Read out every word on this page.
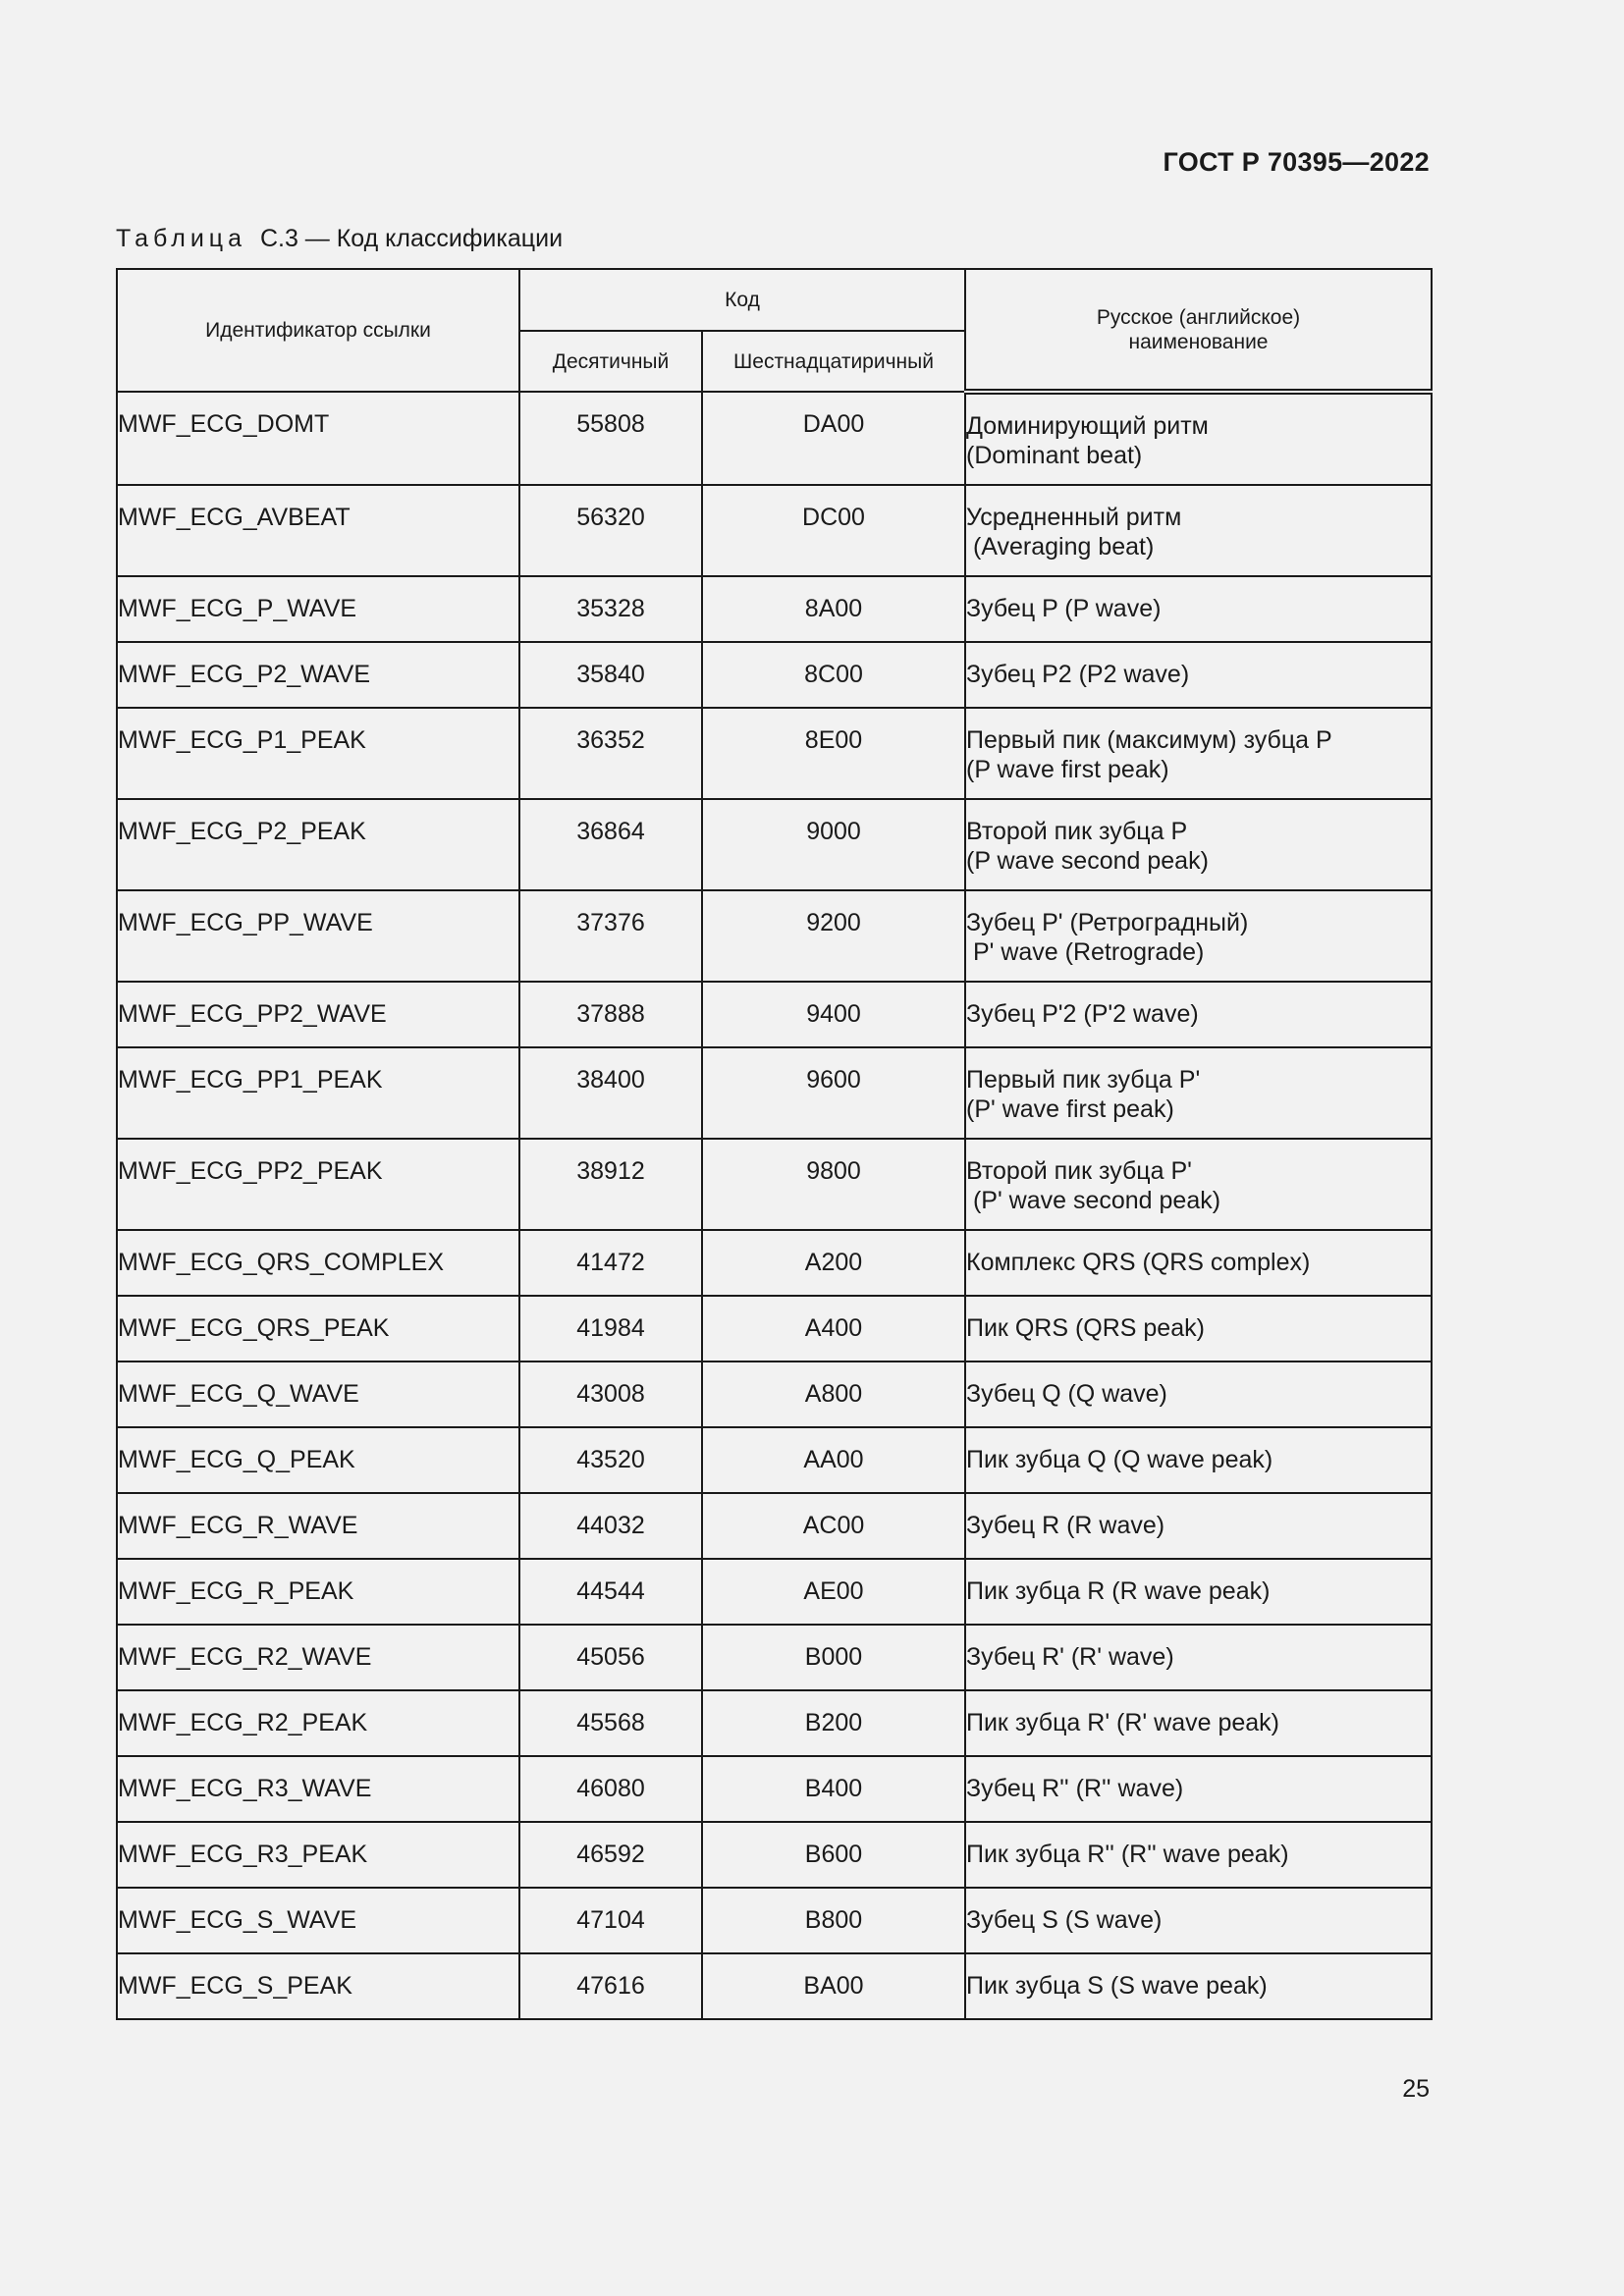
ГОСТ Р 70395—2022
Таблица С.3 — Код классификации
Идентификатор ссылки	Код		Русское (английское) наименование
	Десятичный	Шестнадцатиричный	
MWF_ECG_DOMT	55808	DA00	Доминирующий ритм
(Dominant beat)

MWF_ECG_AVBEAT	56320	DC00	Усредненный ритм
(Averaging beat)

MWF_ECG_P_WAVE	35328	8A00	Зубец P (P wave)

MWF_ECG_P2_WAVE	35840	8C00	Зубец P2 (P2 wave)

MWF_ECG_P1_PEAK	36352	8E00	Первый пик (максимум) зубца P
(P wave first peak)

MWF_ECG_P2_PEAK	36864	9000	Второй пик зубца P
(P wave second peak)

MWF_ECG_PP_WAVE	37376	9200	Зубец P' (Ретроградный)
P' wave (Retrograde)

MWF_ECG_PP2_WAVE	37888	9400	Зубец P'2 (P'2 wave)

MWF_ECG_PP1_PEAK	38400	9600	Первый пик зубца P'
(P' wave first peak)

MWF_ECG_PP2_PEAK	38912	9800	Второй пик зубца P'
(P' wave second peak)

MWF_ECG_QRS_COMPLEX	41472	A200	Комплекс QRS (QRS complex)

MWF_ECG_QRS_PEAK	41984	A400	Пик QRS (QRS peak)

MWF_ECG_Q_WAVE	43008	A800	Зубец Q (Q wave)

MWF_ECG_Q_PEAK	43520	AA00	Пик зубца Q (Q wave peak)

MWF_ECG_R_WAVE	44032	AC00	Зубец R (R wave)

MWF_ECG_R_PEAK	44544	AE00	Пик зубца R (R wave peak)

MWF_ECG_R2_WAVE	45056	B000	Зубец R' (R' wave)

MWF_ECG_R2_PEAK	45568	B200	Пик зубца R' (R' wave peak)

MWF_ECG_R3_WAVE	46080	B400	Зубец R'' (R'' wave)

MWF_ECG_R3_PEAK	46592	B600	Пик зубца R'' (R'' wave peak)

MWF_ECG_S_WAVE	47104	B800	Зубец S (S wave)

MWF_ECG_S_PEAK	47616	BA00	Пик зубца S (S wave peak)
25
